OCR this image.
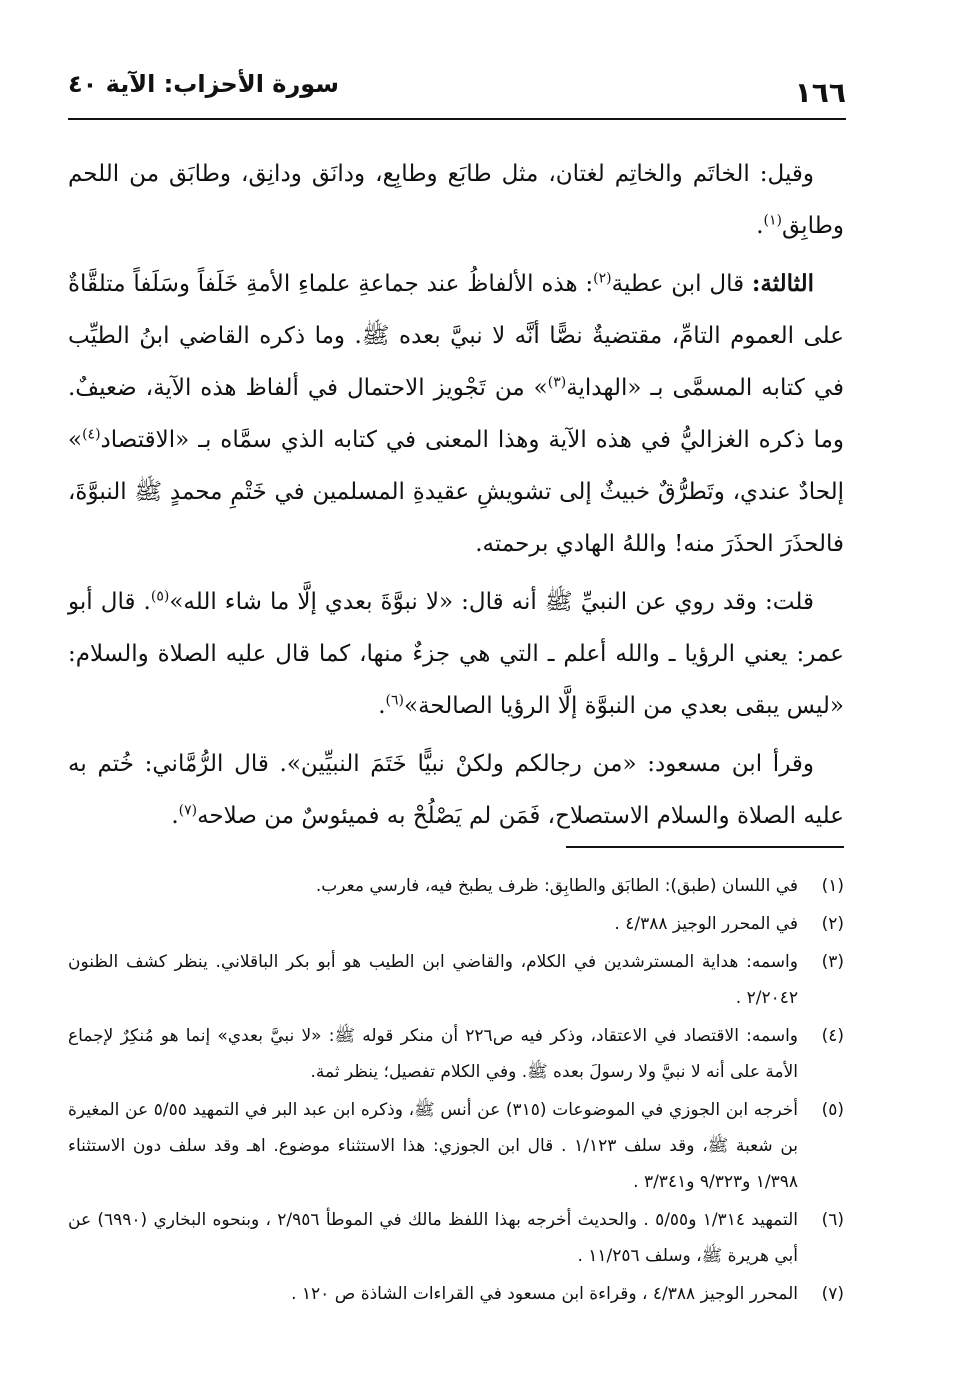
سورة الأحزاب: الآية ٤٠	١٦٦

وقيل: الخاتَم والخاتِم لغتان، مثل طابَع وطابِع، ودانَق ودانِق، وطابَق من اللحم وطابِق$^{(١)}$.

الثالثة: قال ابن عطية$^{(٢)}$: هذه الألفاظُ عند جماعةِ علماءِ الأمةِ خَلَفاً وسَلَفاً متلقَّاةٌ على العموم التامِّ، مقتضيةٌ نصًّا أنَّه لا نبيَّ بعده ﷺ. وما ذكره القاضي ابنُ الطيِّب في كتابه المسمَّى بـ «الهداية$^{(٣)}$» من تَجْويز الاحتمال في ألفاظ هذه الآية، ضعيفٌ. وما ذكره الغزاليُّ في هذه الآية وهذا المعنى في كتابه الذي سمَّاه بـ «الاقتصاد$^{(٤)}$» إلحادٌ عندي، وتَطرُّقٌ خبيثٌ إلى تشويشِ عقيدةِ المسلمين في خَتْمِ محمدٍ ﷺ النبوَّةَ، فالحذَرَ الحذَرَ منه! واللهُ الهادي برحمته.

قلت: وقد روي عن النبيِّ ﷺ أنه قال: «لا نبوَّةَ بعدي إلَّا ما شاء الله»$^{(٥)}$. قال أبو عمر: يعني الرؤيا ـ والله أعلم ـ التي هي جزءٌ منها، كما قال عليه الصلاة والسلام: «ليس يبقى بعدي من النبوَّة إلَّا الرؤيا الصالحة»$^{(٦)}$.

وقرأ ابن مسعود: «من رجالكم ولكنْ نبيًّا خَتَمَ النبيِّين». قال الرُّمَّاني: خُتم به عليه الصلاة والسلام الاستصلاح، فَمَن لم يَصْلُحْ به فميئوسٌ من صلاحه$^{(٧)}$.

(١)
في اللسان (طبق): الطابَق والطابِق: ظرف يطبخ فيه، فارسي معرب.
(٢)
في المحرر الوجيز ٤/٣٨٨ .
(٣)
واسمه: هداية المسترشدين في الكلام، والقاضي ابن الطيب هو أبو بكر الباقلاني. ينظر كشف الظنون ٢/٢٠٤٢ .
(٤)
واسمه: الاقتصاد في الاعتقاد، وذكر فيه ص٢٢٦ أن منكر قوله ﷺ: «لا نبيَّ بعدي» إنما هو مُنكِرٌ لإجماع الأمة على أنه لا نبيَّ ولا رسولَ بعده ﷺ. وفي الكلام تفصيل؛ ينظر ثمة.
(٥)
أخرجه ابن الجوزي في الموضوعات (٣١٥) عن أنس ﷺ، وذكره ابن عبد البر في التمهيد ٥/٥٥ عن المغيرة بن شعبة ﷺ، وقد سلف ١/١٢٣ . قال ابن الجوزي: هذا الاستثناء موضوع. اهـ وقد سلف دون الاستثناء ١/٣٩٨ و٩/٣٢٣ و٣/٣٤١ .
(٦)
التمهيد ١/٣١٤ و٥/٥٥ . والحديث أخرجه بهذا اللفظ مالك في الموطأ ٢/٩٥٦ ، وبنحوه البخاري (٦٩٩٠) عن أبي هريرة ﷺ، وسلف ١١/٢٥٦ .
(٧)
المحرر الوجيز ٤/٣٨٨ ، وقراءة ابن مسعود في القراءات الشاذة ص ١٢٠ .
